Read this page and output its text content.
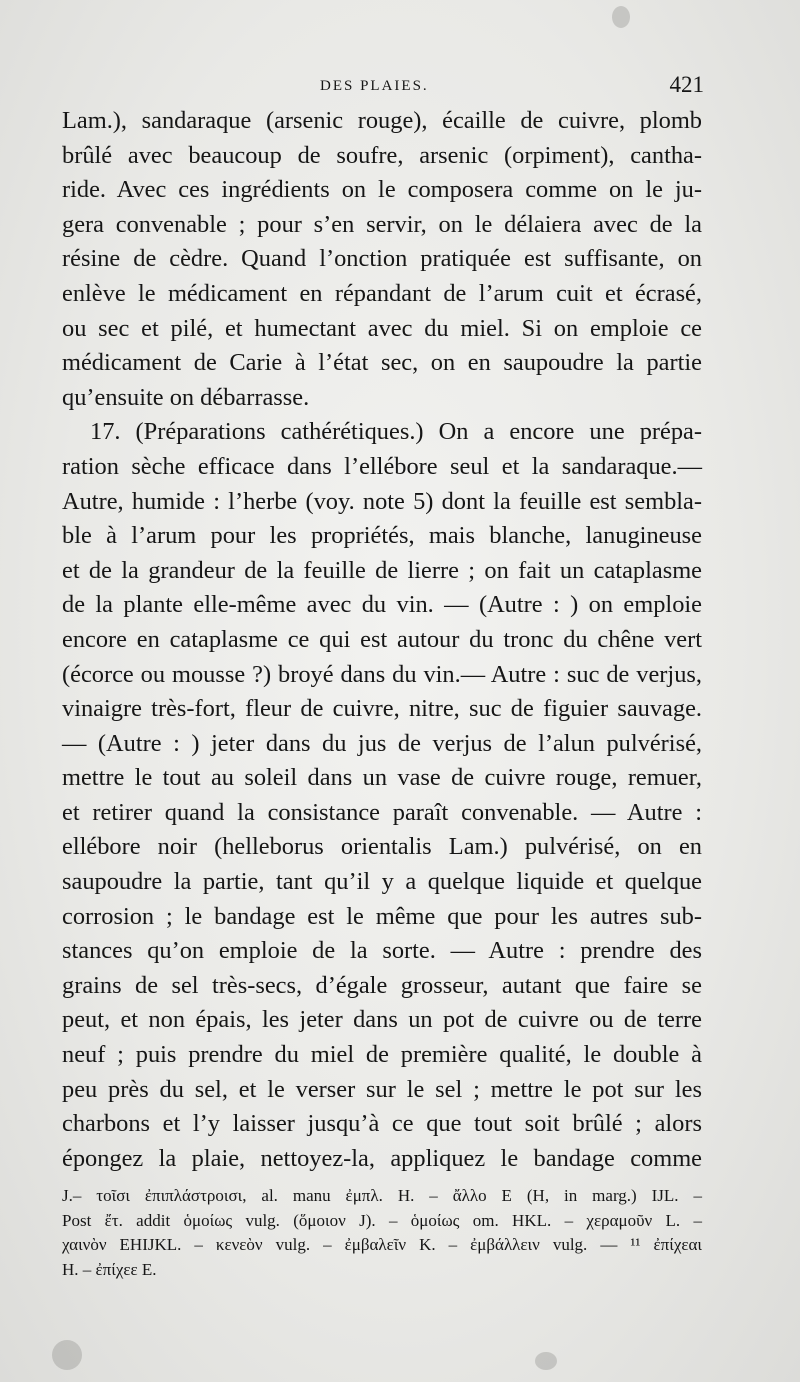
DES PLAIES.	421
Lam.), sandaraque (arsenic rouge), écaille de cuivre, plomb
brûlé avec beaucoup de soufre, arsenic (orpiment), cantha-
ride. Avec ces ingrédients on le composera comme on le ju-
gera convenable ; pour s’en servir, on le délaiera avec de la
résine de cèdre. Quand l’onction pratiquée est suffisante, on
enlève le médicament en répandant de l’arum cuit et écrasé,
ou sec et pilé, et humectant avec du miel. Si on emploie ce
médicament de Carie à l’état sec, on en saupoudre la partie
qu’ensuite on débarrasse.
17. (Préparations cathérétiques.) On a encore une prépa-
ration sèche efficace dans l’ellébore seul et la sandaraque.—
Autre, humide : l’herbe (voy. note 5) dont la feuille est sembla-
ble à l’arum pour les propriétés, mais blanche, lanugineuse
et de la grandeur de la feuille de lierre ; on fait un cataplasme
de la plante elle-même avec du vin. — (Autre : ) on emploie
encore en cataplasme ce qui est autour du tronc du chêne vert
(écorce ou mousse ?) broyé dans du vin.— Autre : suc de verjus,
vinaigre très-fort, fleur de cuivre, nitre, suc de figuier sauvage.
— (Autre : ) jeter dans du jus de verjus de l’alun pulvérisé,
mettre le tout au soleil dans un vase de cuivre rouge, remuer,
et retirer quand la consistance paraît convenable. — Autre :
ellébore noir (helleborus orientalis Lam.) pulvérisé, on en
saupoudre la partie, tant qu’il y a quelque liquide et quelque
corrosion ; le bandage est le même que pour les autres sub-
stances qu’on emploie de la sorte. — Autre : prendre des
grains de sel très-secs, d’égale grosseur, autant que faire se
peut, et non épais, les jeter dans un pot de cuivre ou de terre
neuf ; puis prendre du miel de première qualité, le double à
peu près du sel, et le verser sur le sel ; mettre le pot sur les
charbons et l’y laisser jusqu’à ce que tout soit brûlé ; alors
épongez la plaie, nettoyez-la, appliquez le bandage comme
J.– τοῖσι ἐπιπλάστροισι, al. manu ἐμπλ. H. – ἄλλο E (H, in marg.) IJL. –
Post ἔτ. addit ὁμοίως vulg. (ὅμοιον J). – ὁμοίως om. HKL. – χεραμοῦν L. –
χαινὸν EHIJKL. – κενεὸν vulg. – ἐμβαλεῖν K. – ἐμβάλλειν vulg. — ¹¹ ἐπίχεαι
H. – ἐπίχεε E.
